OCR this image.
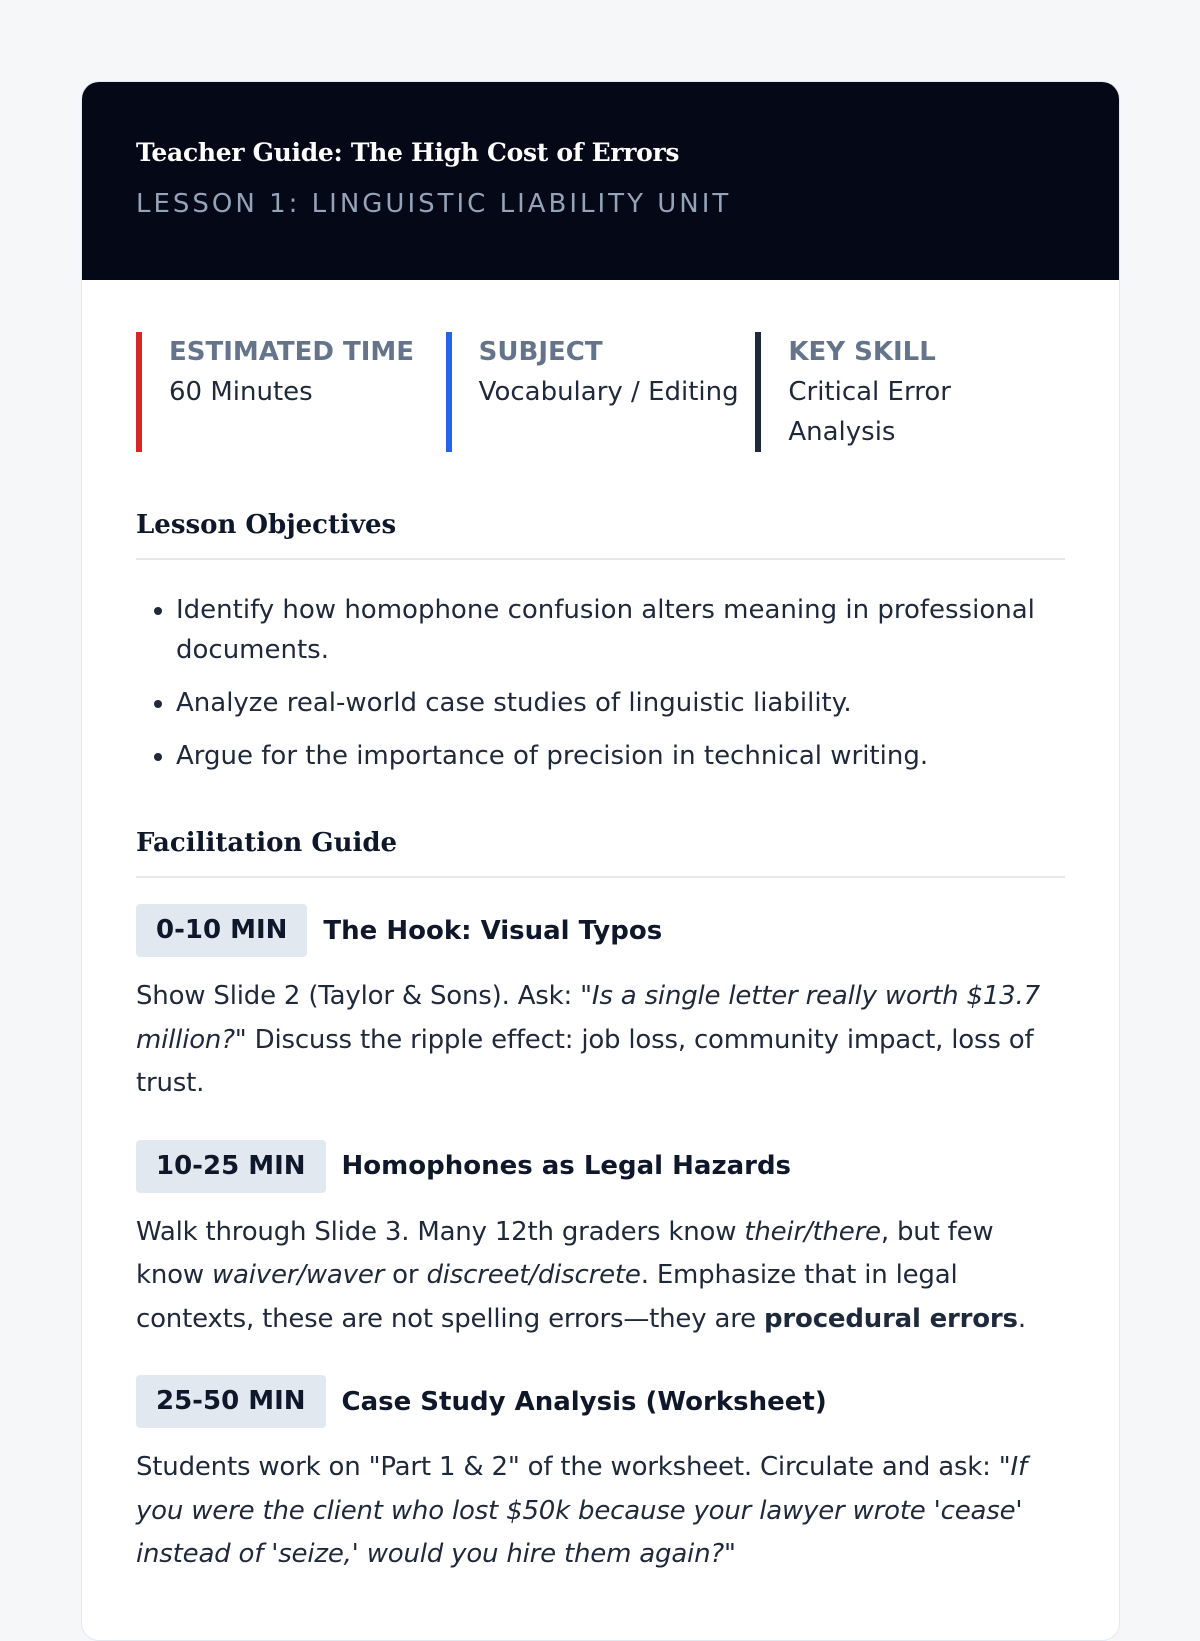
Teacher Guide: The High Cost of Errors
LESSON 1: LINGUISTIC LIABILITY UNIT
ESTIMATED TIME
60 Minutes
SUBJECT
Vocabulary / Editing
KEY SKILL
Critical Error Analysis
Lesson Objectives
• Identify how homophone confusion alters meaning in professional documents.
• Analyze real-world case studies of linguistic liability.
• Argue for the importance of precision in technical writing.
Facilitation Guide
0-10 MIN	The Hook: Visual Typos

Show Slide 2 (Taylor & Sons). Ask: "Is a single letter really worth $13.7 million?" Discuss the ripple effect: job loss, community impact, loss of trust.

10-25 MIN	Homophones as Legal Hazards

Walk through Slide 3. Many 12th graders know their/there, but few know waiver/waver or discreet/discrete. Emphasize that in legal contexts, these are not spelling errors—they are procedural errors.

25-50 MIN	Case Study Analysis (Worksheet)

Students work on "Part 1 & 2" of the worksheet. Circulate and ask: "If you were the client who lost $50k because your lawyer wrote 'cease' instead of 'seize,' would you hire them again?"
